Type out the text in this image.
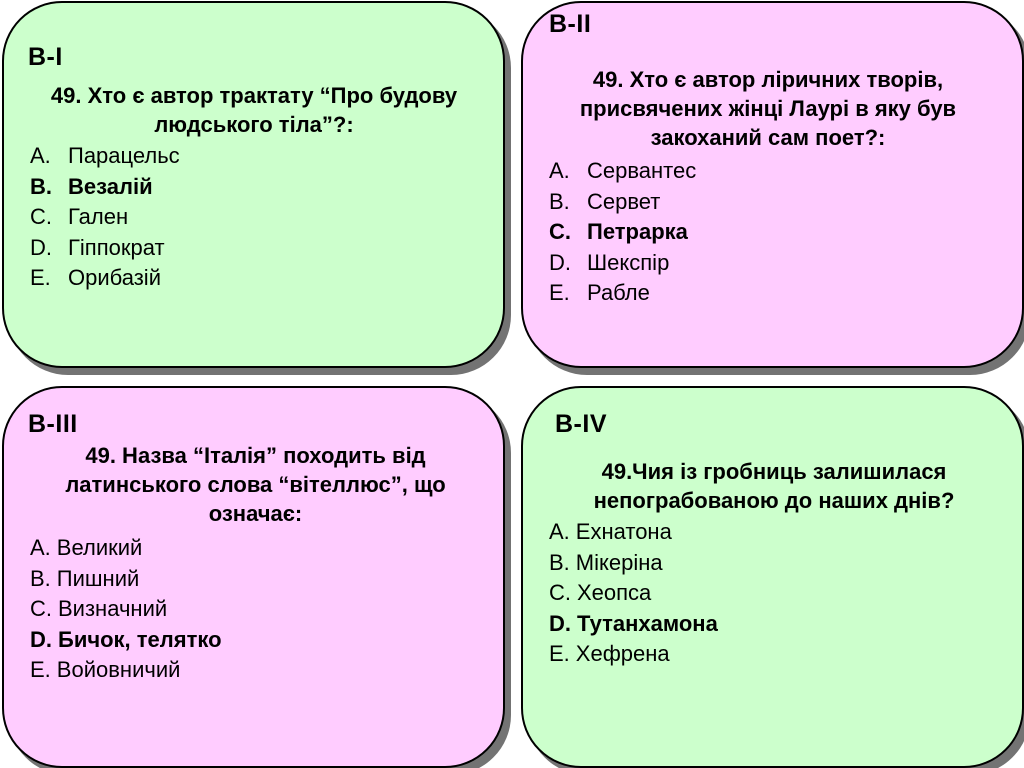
В-I
49. Хто є автор трактату “Про будову людського тіла”?:
A. Парацельс
B. Везалій
C. Гален
D. Гіппократ
E. Орибазій
В-II
49. Хто є автор ліричних творів, присвячених жінці Лаурі в яку був закоханий сам поет?:
A. Сервантес
B. Сервет
C. Петрарка
D. Шекспір
E. Рабле
В-III
49. Назва “Італія” походить від латинського слова “вітеллюс”, що означає:
A. Великий
B. Пишний
C. Визначний
D. Бичок, телятко
E. Войовничий
В-IV
49.Чия із гробниць залишилася непограбованою до наших днів?
A. Ехнатона
B. Мікеріна
C. Хеопса
D. Тутанхамона
E. Хефрена
